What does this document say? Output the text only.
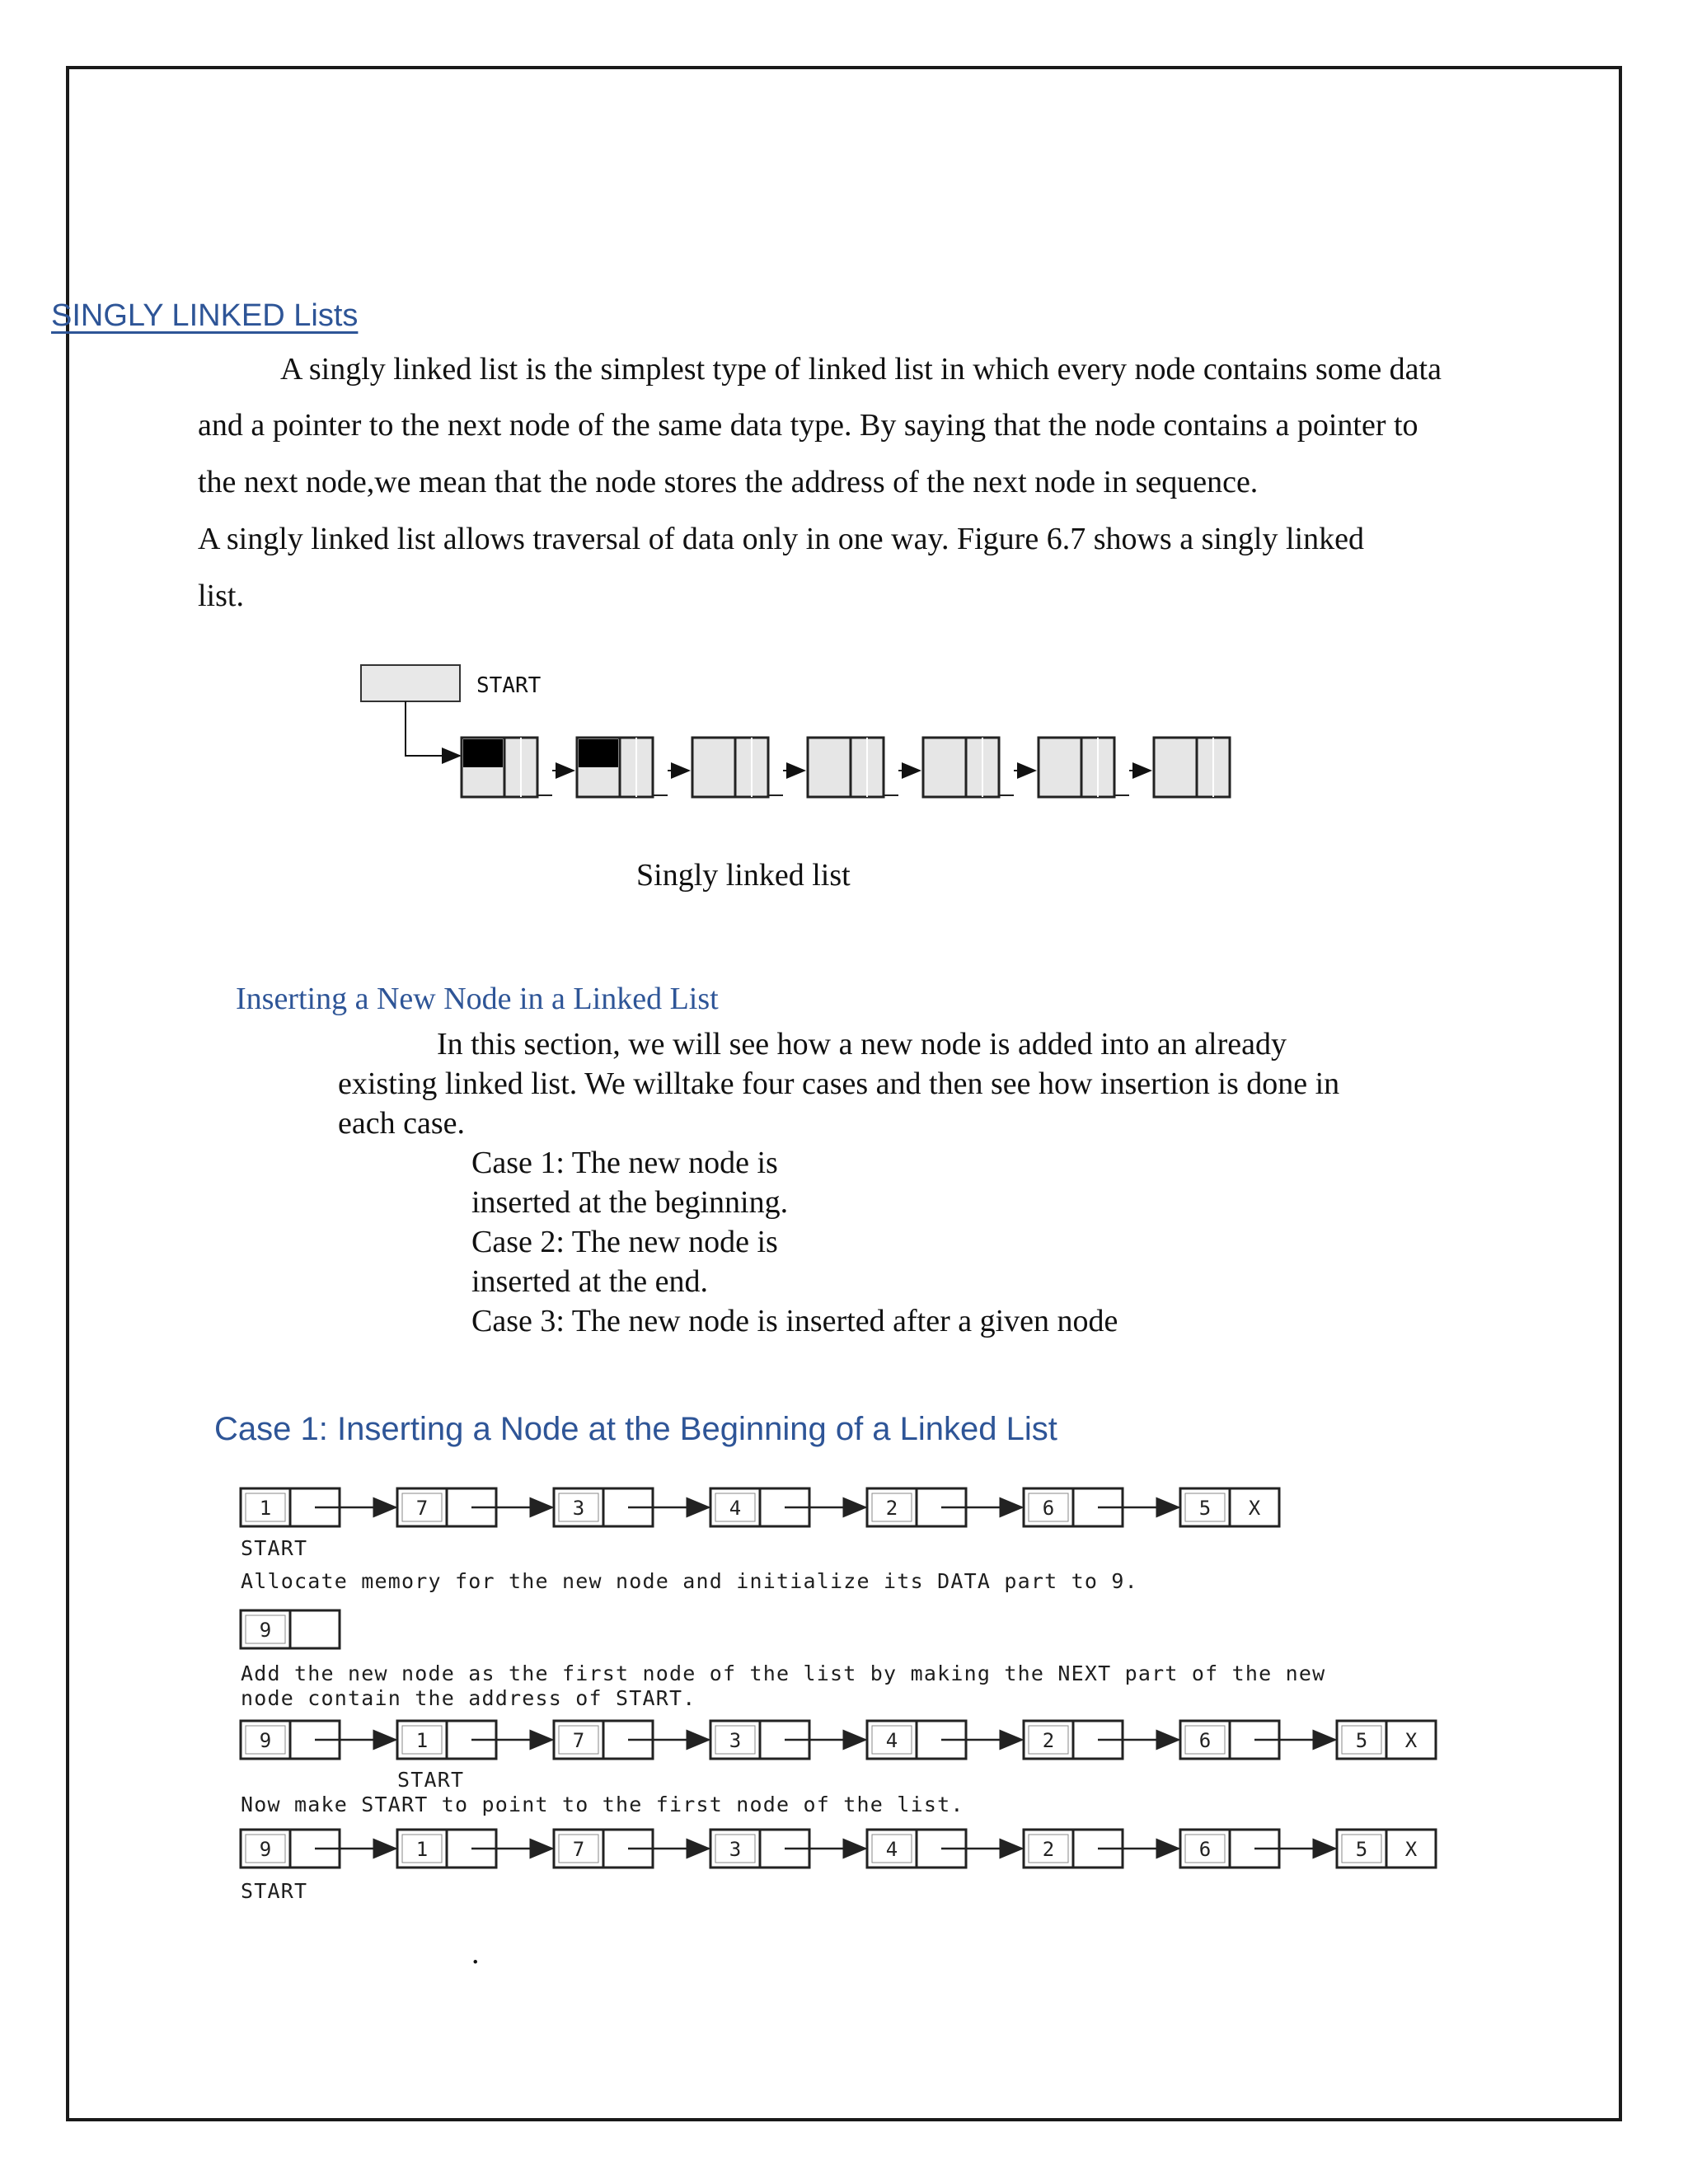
SINGLY LINKED Lists
A singly linked list is the simplest type of linked list in which every node contains some data
and a pointer to the next node of the same data type. By saying that the node contains a pointer to
the next node,we mean that the node stores the address of the next node in sequence.
A singly linked list allows traversal of data only in one way. Figure 6.7 shows a singly linked
list.
START
Singly linked list
Inserting a New Node in a Linked List
In this section, we will see how a new node is added into an already
existing linked list. We willtake four cases and then see how insertion is done in
each case.
Case 1: The new node is
inserted at the beginning.
Case 2: The new node is
inserted at the end.
Case 3: The new node is inserted after a given node
Case 1: Inserting a Node at the Beginning of a Linked List
1	7	3	4	2	6	5 X
START
Allocate memory for the new node and initialize its DATA part to 9.
9
Add the new node as the first node of the list by making the NEXT part of the new
node contain the address of START.
9	1	7	3	4	2	6	5 X
START
Now make START to point to the first node of the list.
9	1	7	3	4	2	6	5 X
START
.
